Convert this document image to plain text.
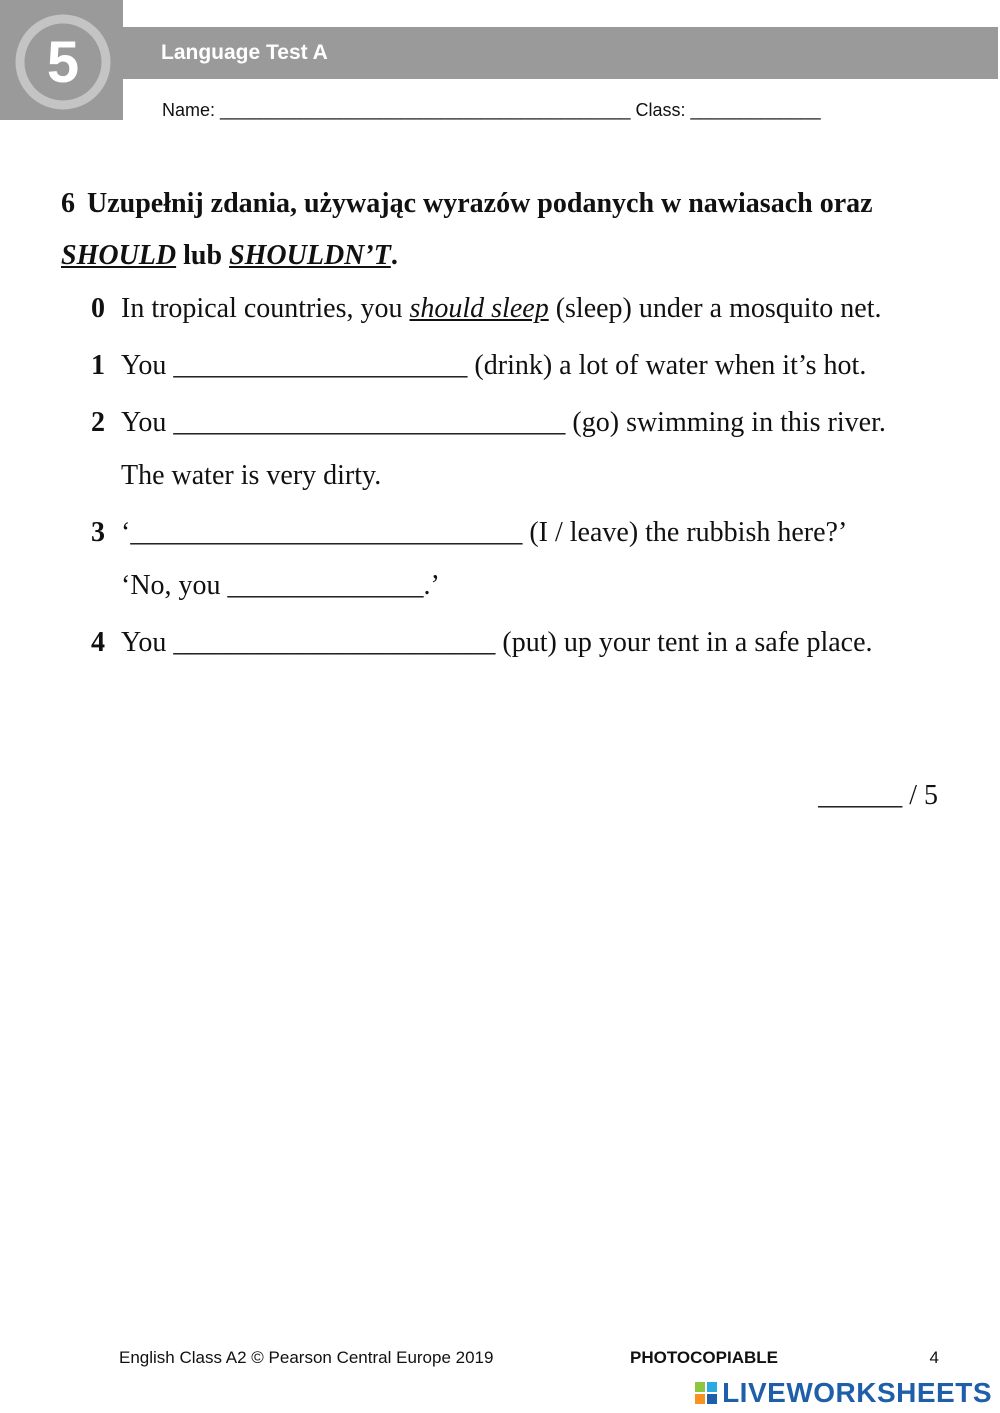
5	Language Test A
Name: _________________________________________ Class: _____________
6 Uzupełnij zdania, używając wyrazów podanych w nawiasach oraz
SHOULD lub SHOULDN’T.
0 In tropical countries, you should sleep (sleep) under a mosquito net.
1 You _____________________ (drink) a lot of water when it’s hot.
2 You ____________________________ (go) swimming in this river. The water is very dirty.
3 ‘____________________________ (I / leave) the rubbish here?’
‘No, you ______________.’
4 You _______________________ (put) up your tent in a safe place.
______ / 5
English Class A2 © Pearson Central Europe 2019	PHOTOCOPIABLE	4
LIVEWORKSHEETS
